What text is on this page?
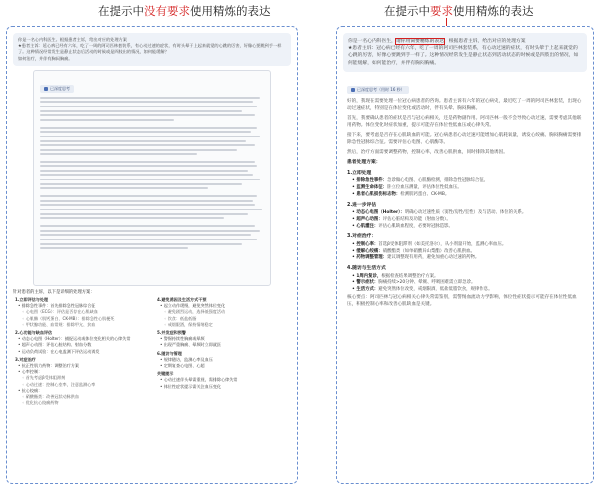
在提示中没有要求使用精炼的表达	在提示中要求使用精炼的表达
你是一名心内科医生。根据患者主诉，给出对应的处理方案
★患者主诉：延心病已经有六年，吃了一周的阿司匹林套装系，有心动过速的症状，有时头晕于上起来就觉的心跳的厉害，好像心要跳到手一样了。这种情况经常发生是静止状态后活动的时候或是四肢出的情况，如何能缓解？
如何治疗，并伴有胸闷胸痛。
已深度思考
针对患者的主诉，以下是详细的处理方案：
1.立即评估与处理
• 排除急性事件：首先排除急性冠脉综合征
◦ 心电图（ECG）：评估是否存在心肌缺血
◦ 心肌酶（肌钙蛋白、CK-MB）：排除急性心肌梗死
◦ 甲状腺功能、血常规：排除甲亢、贫血
2.心功能与缺血评估
• 动态心电图（Holter）：捕捉运动或体位变化相关的心律失常
• 超声心动图：评估心脏结构、射血分数
• 运动负荷试验：在心电监测下评估运动诱发
3.对症治疗
• 抗正性肌力药物：调整治疗方案
• 心率控制：
◦ 首先考虑β受体阻滞剂
◦ 心动过速：控制心室率，注意监测心率
• 抗心绞痛：
◦ 硝酸酯类：改善冠状动脉供血
◦ 优化抗心绞痛药物
4.避免诱因及生活方式干预
• 起立动作缓慢，避免突然体位变化
◦ 避免剧烈运动，选择低强度活动
◦ 饮食：低盐低脂
◦ 戒烟限酒，保持情绪稳定
5.并发症和预警
• 警惕持续性胸痛或晕厥
• 出现严重胸痛、晕厥时立即就医
6.随访与管理
• 规律随访，监测心率及血压
• 定期复查心电图、心超
关键提示
• 心动过速伴头晕需重视，需排除心律失常
• 体位性症状提示需关注血压变化
你是一名心内科医生，请你用简要精炼的表达，根据患者主诉，给出对应的处理方案
★患者主诉：冠心病已经有六年，吃了一周的阿司匹林套装系，有心动过速的症状，有时头晕于上起来就觉的心跳的厉害，好像心要跳到手一样了。这种情况经常发生是静止状态到活动状态的时候或是四肢出的情况，如何能缓解，如何能治疗，并伴有胸闷胸痛。
已深度思考（用时 16 秒）

好的，我现在需要处理一位冠心病患者的咨询。患者主诉有六年的冠心病史，最近吃了一周的阿司匹林套装，出现心动过速症状，特别是在体位变化或活动时，伴有头晕、胸闷胸痛。

首先，我要确认患者的症状是否与冠心病相关，还是药物副作用。阿司匹林一般不会导致心动过速，需要考虑其他联用药物。体位变化时症状加重，提示可能存在体位性低血压或心律失常。

接下来，要考虑是否存在心肌缺血的可能。冠心病患者心动过速可能增加心肌耗氧量，诱发心绞痛。胸闷胸痛需要排除急性冠脉综合征。需要评估心电图、心肌酶等。

然后，治疗方面需要调整药物，控制心率，改善心肌供血，同时排除其他诱因。

患者处理方案：
1.立即处理
• 排除急性事件：急诊做心电图、心肌酶检测，排除急性冠脉综合征。
• 监测生命体征：卧立位血压测量，评估体位性低血压。
• 患者心肌损伤标志物：检测肌钙蛋白、CK-MB。
2.进一步评估
• 动态心电图（Holter）：明确心动过速性质（窦性/房性/室性）及与活动、体位的关系。
• 超声心动图：评估心脏结构及功能（射血分数）。
• 心肌灌注：评估心肌缺血程度，必要时冠脉造影。
3.对症治疗：
• 控制心率：首选β受体阻滞剂（如美托洛尔），从小剂量开始，监测心率血压。
• 缓解心绞痛：硝酸酯类（如单硝酸异山梨酯）改善心肌供血。
• 药物调整管理：建议调整现有用药，避免加重心动过速的药物。
4.随访与生活方式
• 1周内复诊，根据检查结果调整治疗方案。
• 警示症状：胸痛持续>20分钟、晕厥、呼吸困难需立即急诊。
• 生活方式：避免突然体位改变，戒烟限酒，低盐低脂饮食，规律作息。

核心要点：阿司匹林与冠心病相关心律失常需鉴别，需警惕血流动力学影响，体位性症状提示可能存在体位性低血压，积极控制心率和改善心肌缺血是关键。
